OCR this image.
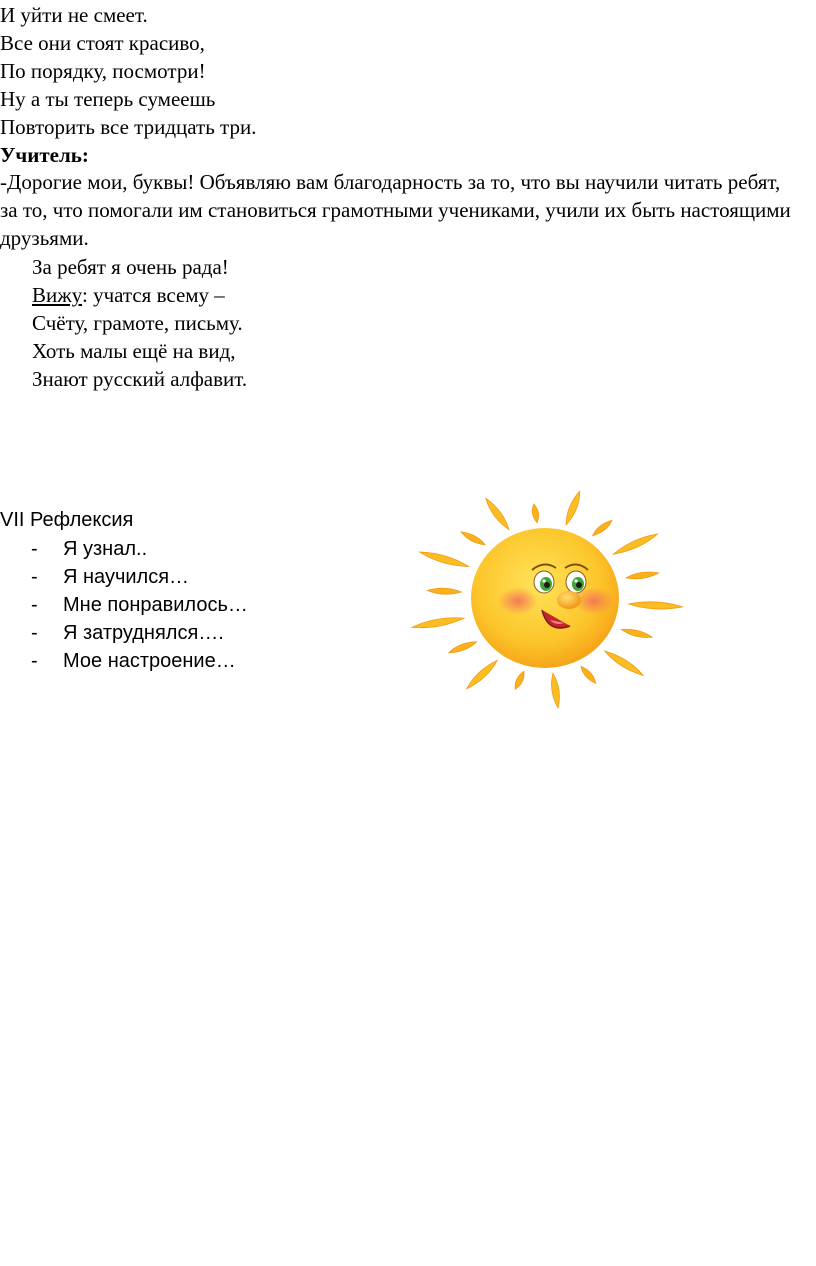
И уйти не смеет.
Все они стоят красиво,
По порядку, посмотри!
Ну а ты теперь сумеешь
Повторить все тридцать три.
Учитель:
-Дорогие мои, буквы! Объявляю вам благодарность за то, что вы научили читать ребят, за то, что помогали им становиться грамотными учениками, учили их быть настоящими друзьями.
За ребят я очень рада!
Вижу: учатся всему –
Счёту, грамоте, письму.
Хоть малы ещё на вид,
Знают русский алфавит.
VII Рефлексия
- Я узнал..
- Я научился…
- Мне понравилось…
- Я затруднялся….
- Мое настроение…
